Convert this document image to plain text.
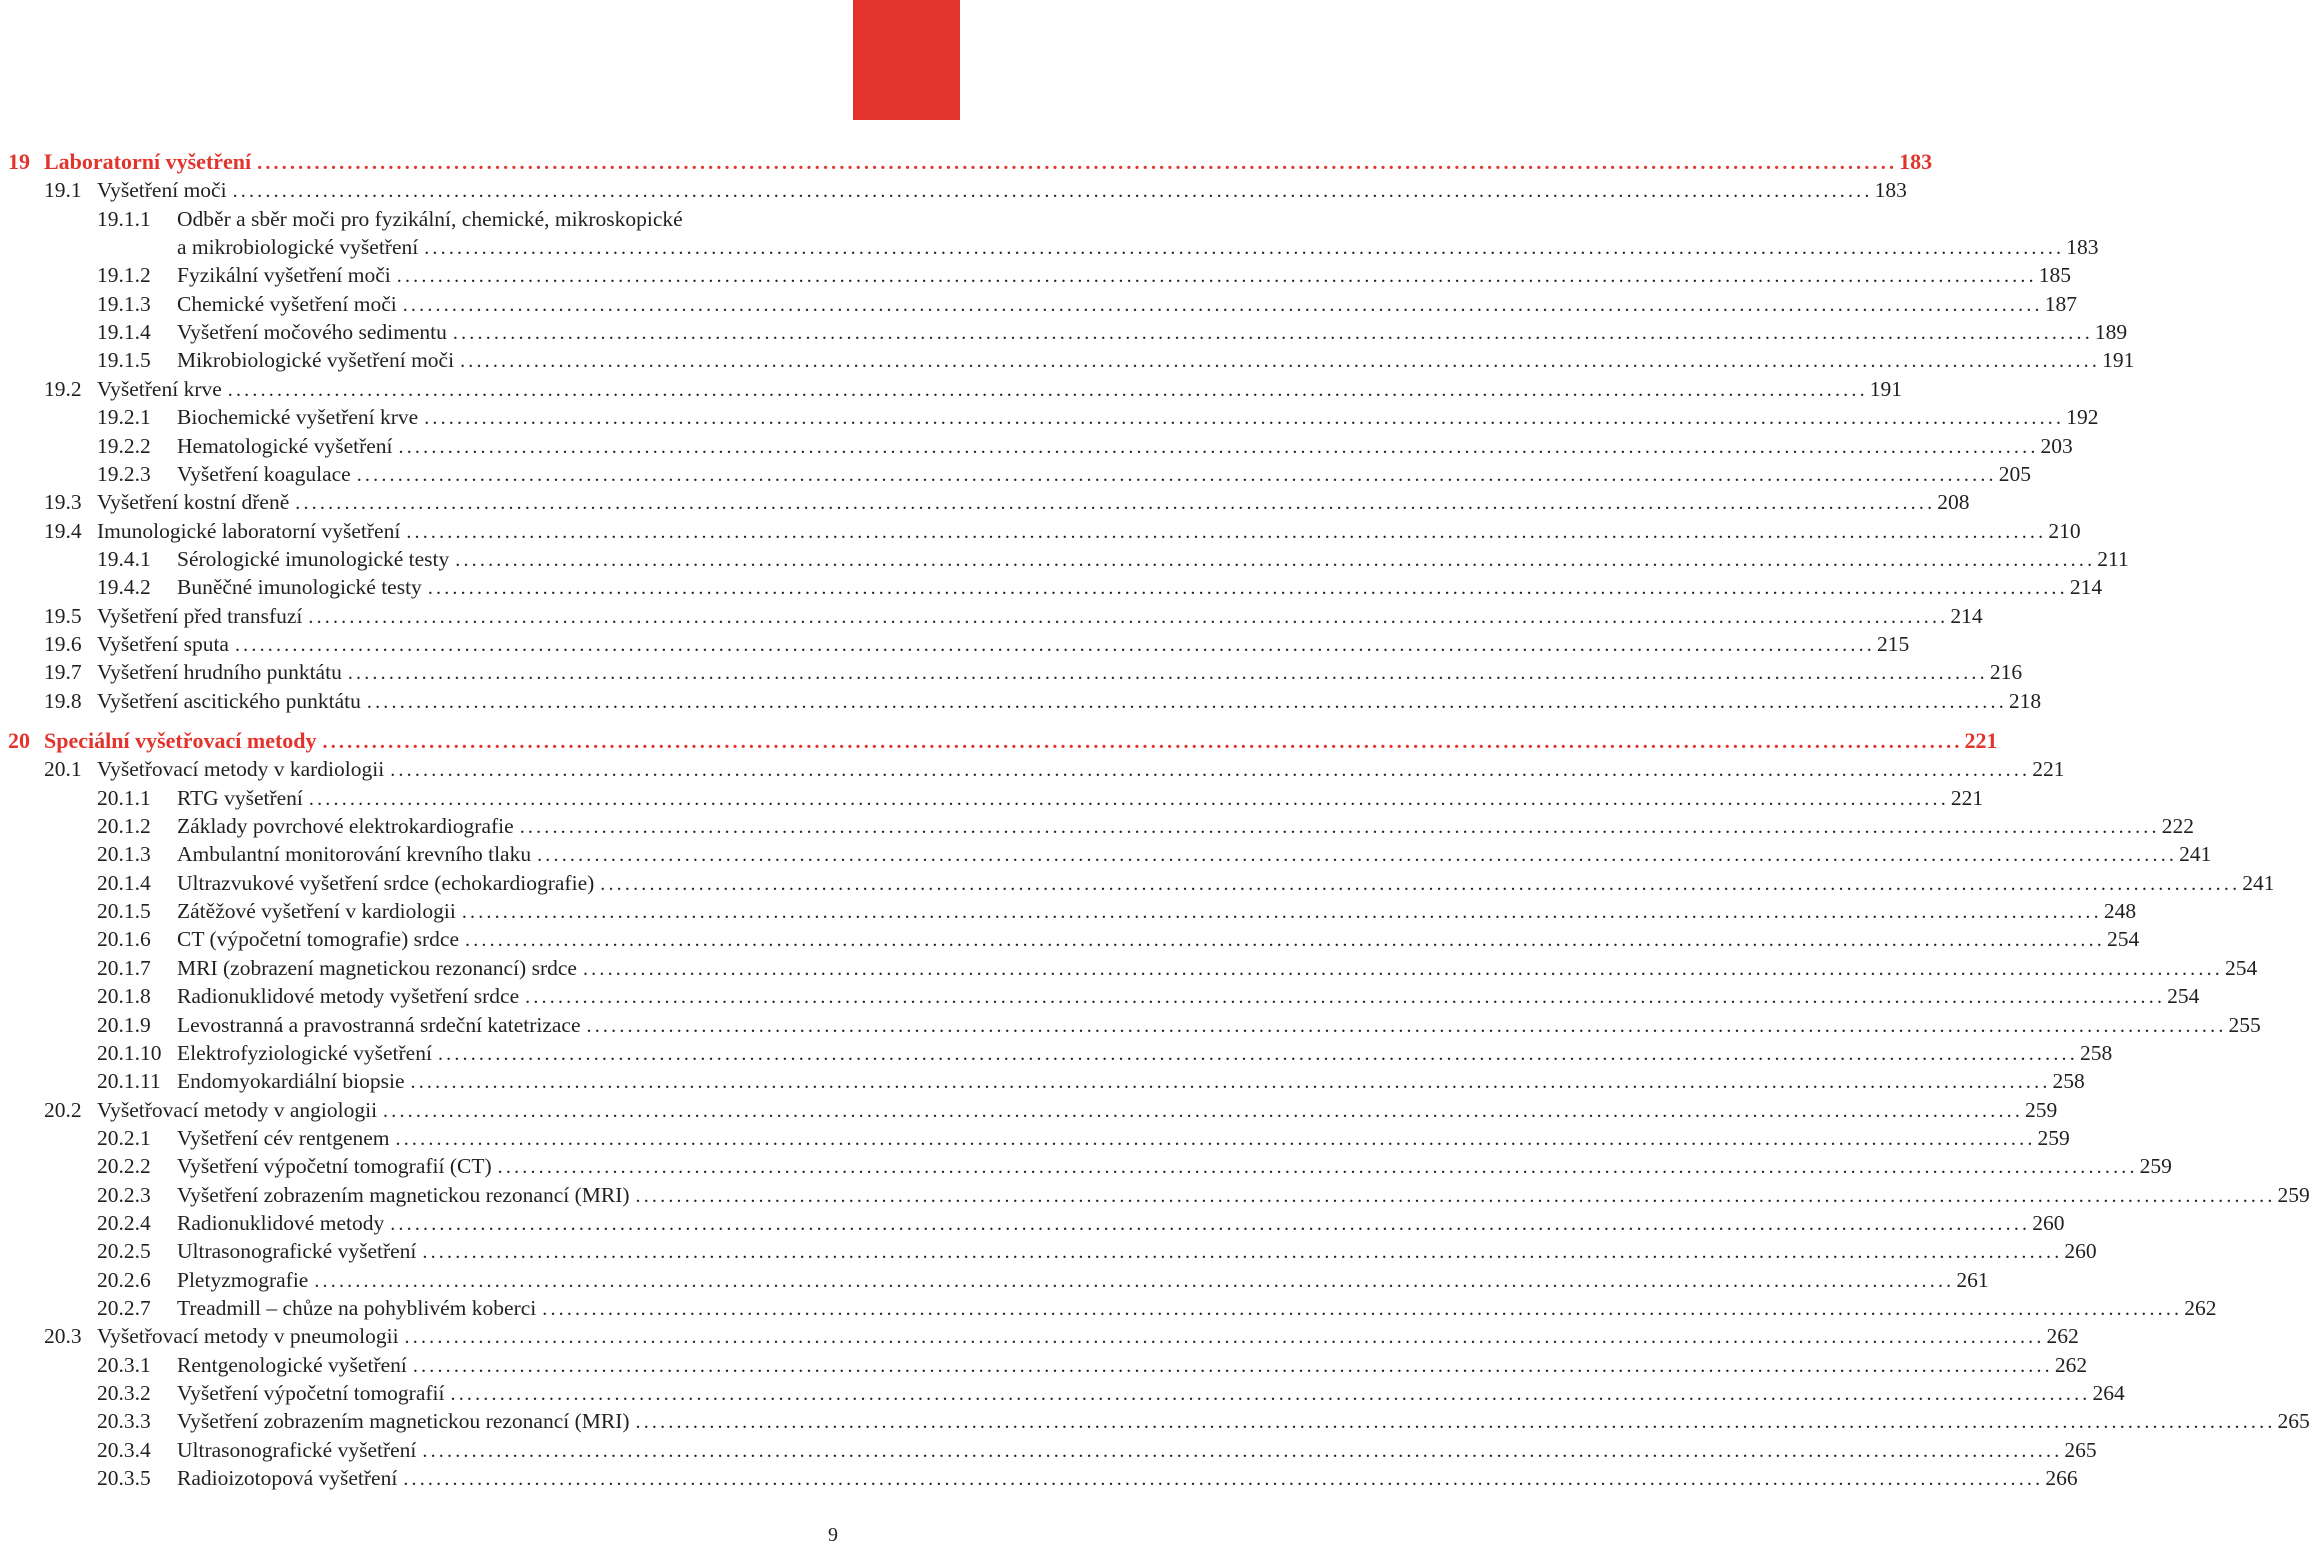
19 Laboratorní vyšetření ........................................................................................................................................................................................................ 183
19.1 Vyšetření moči ........................................................................................................................................................................................................ 183
19.1.1 Odběr a sběr moči pro fyzikální, chemické, mikroskopické
a mikrobiologické vyšetření ........................................................................................................................................................................................................ 183
19.1.2 Fyzikální vyšetření moči ........................................................................................................................................................................................................ 185
19.1.3 Chemické vyšetření moči ........................................................................................................................................................................................................ 187
19.1.4 Vyšetření močového sedimentu ........................................................................................................................................................................................................ 189
19.1.5 Mikrobiologické vyšetření moči ........................................................................................................................................................................................................ 191
19.2 Vyšetření krve ........................................................................................................................................................................................................ 191
19.2.1 Biochemické vyšetření krve ........................................................................................................................................................................................................ 192
19.2.2 Hematologické vyšetření ........................................................................................................................................................................................................ 203
19.2.3 Vyšetření koagulace ........................................................................................................................................................................................................ 205
19.3 Vyšetření kostní dřeně ........................................................................................................................................................................................................ 208
19.4 Imunologické laboratorní vyšetření ........................................................................................................................................................................................................ 210
19.4.1 Sérologické imunologické testy ........................................................................................................................................................................................................ 211
19.4.2 Buněčné imunologické testy ........................................................................................................................................................................................................ 214
19.5 Vyšetření před transfuzí ........................................................................................................................................................................................................ 214
19.6 Vyšetření sputa ........................................................................................................................................................................................................ 215
19.7 Vyšetření hrudního punktátu ........................................................................................................................................................................................................ 216
19.8 Vyšetření ascitického punktátu ........................................................................................................................................................................................................ 218
20 Speciální vyšetřovací metody ........................................................................................................................................................................................................ 221
20.1 Vyšetřovací metody v kardiologii ........................................................................................................................................................................................................ 221
20.1.1 RTG vyšetření ........................................................................................................................................................................................................ 221
20.1.2 Základy povrchové elektrokardiografie ........................................................................................................................................................................................................ 222
20.1.3 Ambulantní monitorování krevního tlaku ........................................................................................................................................................................................................ 241
20.1.4 Ultrazvukové vyšetření srdce (echokardiografie) ........................................................................................................................................................................................................ 241
20.1.5 Zátěžové vyšetření v kardiologii ........................................................................................................................................................................................................ 248
20.1.6 CT (výpočetní tomografie) srdce ........................................................................................................................................................................................................ 254
20.1.7 MRI (zobrazení magnetickou rezonancí) srdce ........................................................................................................................................................................................................ 254
20.1.8 Radionuklidové metody vyšetření srdce ........................................................................................................................................................................................................ 254
20.1.9 Levostranná a pravostranná srdeční katetrizace ........................................................................................................................................................................................................ 255
20.1.10 Elektrofyziologické vyšetření ........................................................................................................................................................................................................ 258
20.1.11 Endomyokardiální biopsie ........................................................................................................................................................................................................ 258
20.2 Vyšetřovací metody v angiologii ........................................................................................................................................................................................................ 259
20.2.1 Vyšetření cév rentgenem ........................................................................................................................................................................................................ 259
20.2.2 Vyšetření výpočetní tomografií (CT) ........................................................................................................................................................................................................ 259
20.2.3 Vyšetření zobrazením magnetickou rezonancí (MRI) ........................................................................................................................................................................................................ 259
20.2.4 Radionuklidové metody ........................................................................................................................................................................................................ 260
20.2.5 Ultrasonografické vyšetření ........................................................................................................................................................................................................ 260
20.2.6 Pletyzmografie ........................................................................................................................................................................................................ 261
20.2.7 Treadmill – chůze na pohyblivém koberci ........................................................................................................................................................................................................ 262
20.3 Vyšetřovací metody v pneumologii ........................................................................................................................................................................................................ 262
20.3.1 Rentgenologické vyšetření ........................................................................................................................................................................................................ 262
20.3.2 Vyšetření výpočetní tomografií ........................................................................................................................................................................................................ 264
20.3.3 Vyšetření zobrazením magnetickou rezonancí (MRI) ........................................................................................................................................................................................................ 265
20.3.4 Ultrasonografické vyšetření ........................................................................................................................................................................................................ 265
20.3.5 Radioizotopová vyšetření ........................................................................................................................................................................................................ 266
9
